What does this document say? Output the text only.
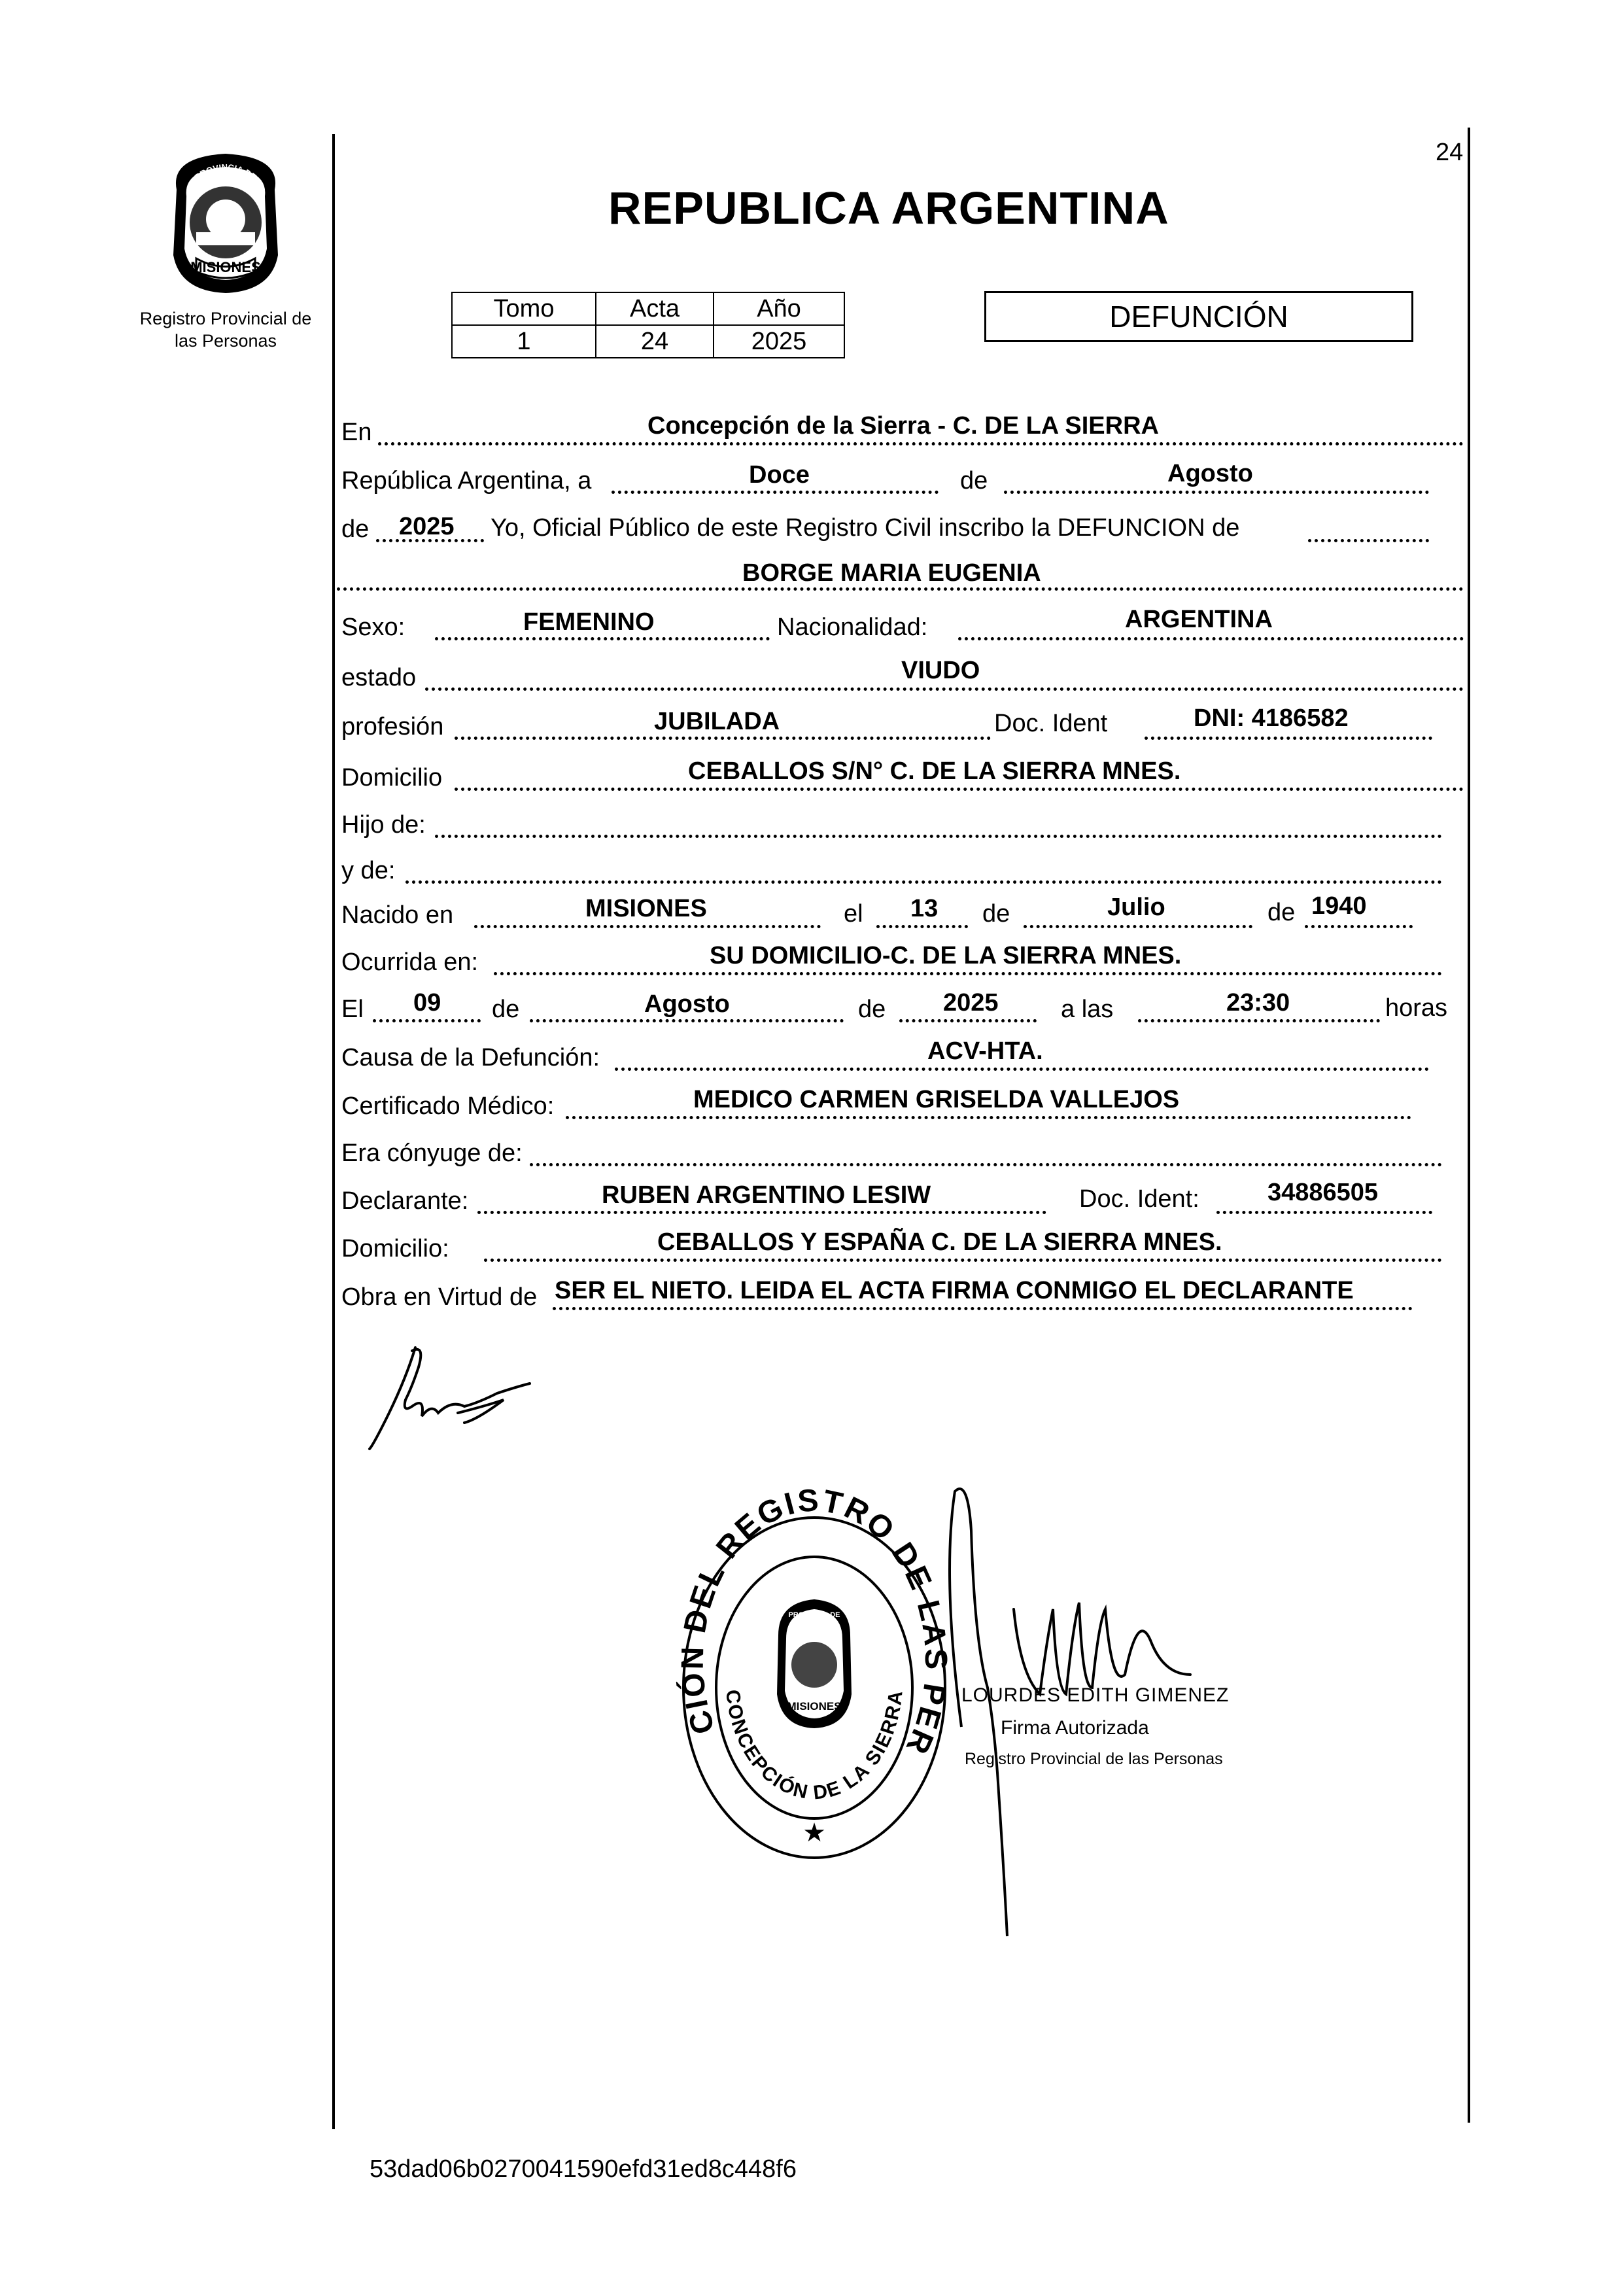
PROVINCIA DE
MISIONES
Registro Provincial de
las Personas
REPUBLICA ARGENTINA
24
Tomo	Acta	Año
1	24	2025
DEFUNCIÓN
En	Concepción de la Sierra - C. DE LA SIERRA
República Argentina, a	Doce	de	Agosto
de 2025 Yo, Oficial Público de este Registro Civil inscribo la DEFUNCION de
BORGE MARIA EUGENIA
Sexo:	FEMENINO	Nacionalidad:	ARGENTINA
estado	VIUDO
profesión	JUBILADA	Doc. Ident	DNI: 4186582
Domicilio	CEBALLOS S/N° C. DE LA SIERRA MNES.
Hijo de:
y de:
Nacido en	MISIONES	el 13 de	Julio	de 1940
Ocurrida en:	SU DOMICILIO-C. DE LA SIERRA MNES.
El 09 de	Agosto	de 2025	a las	23:30	horas
Causa de la Defunción:	ACV-HTA.
Certificado Médico:	MEDICO CARMEN GRISELDA VALLEJOS
Era cónyuge de:
Declarante:	RUBEN ARGENTINO LESIW	Doc. Ident:	34886505
Domicilio:	CEBALLOS Y ESPAÑA C. DE LA SIERRA MNES.
Obra en Virtud de SER EL NIETO. LEIDA EL ACTA FIRMA CONMIGO EL DECLARANTE
DELEGACIÓN DEL REGISTRO DE LAS PERSONAS
CONCEPCIÓN DE LA SIERRA
PROVINCIA DE
MISIONES
★
LOURDES EDITH GIMENEZ
Firma Autorizada
Registro Provincial de las Personas
53dad06b0270041590efd31ed8c448f6
